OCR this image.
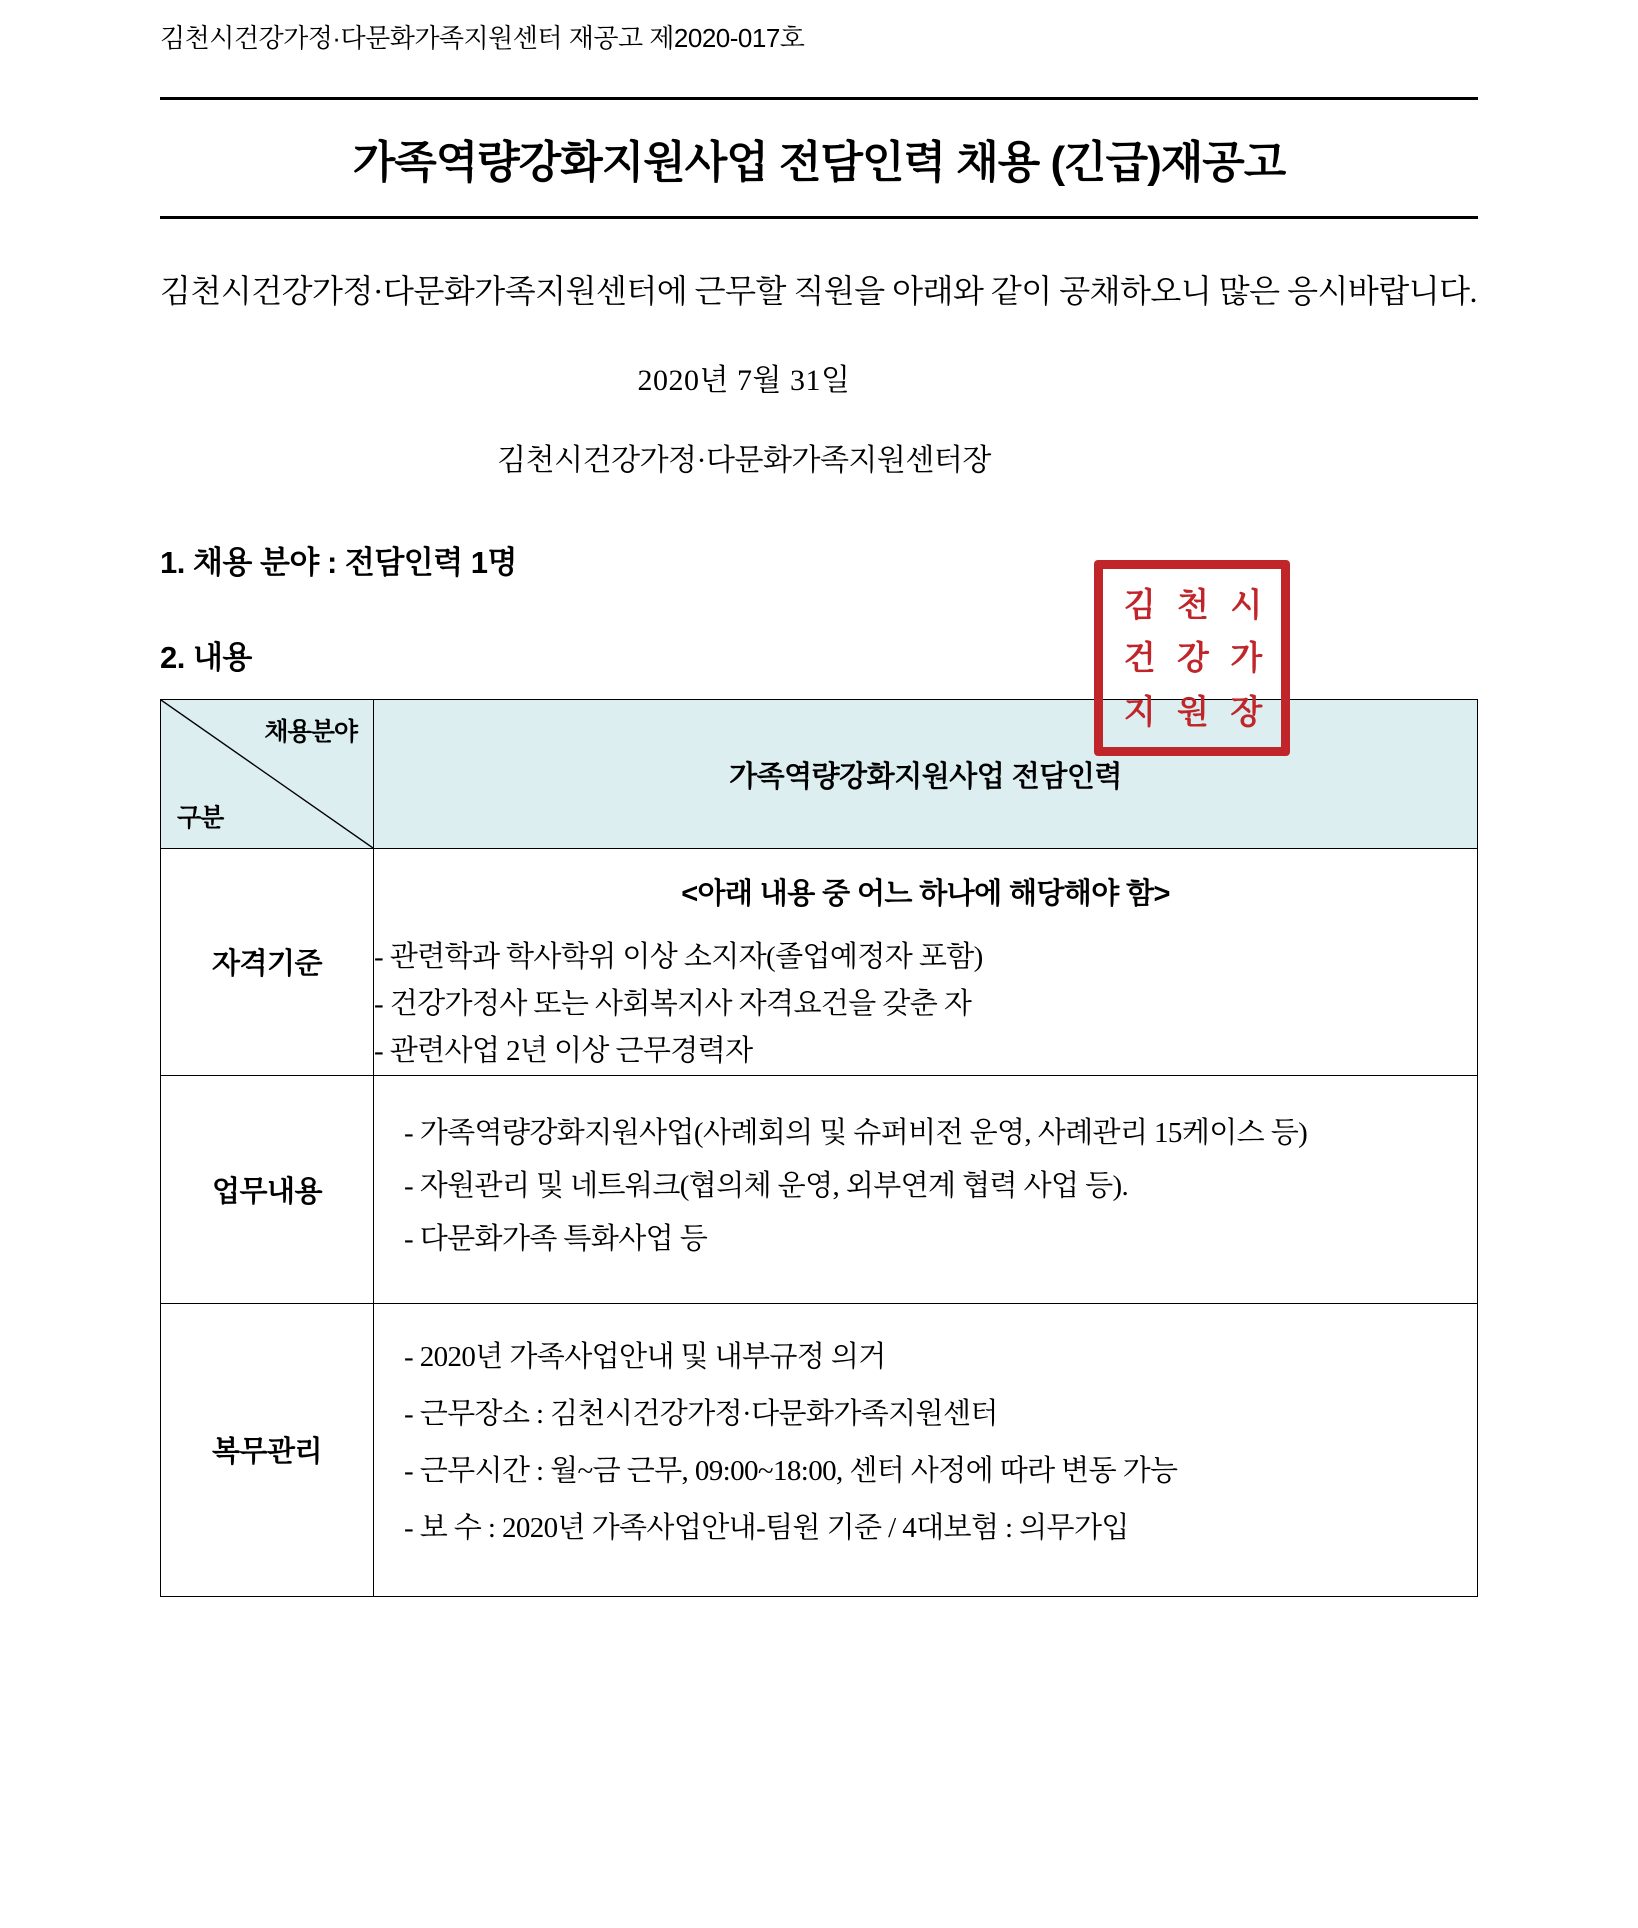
김천시건강가정·다문화가족지원센터 재공고 제2020-017호
가족역량강화지원사업 전담인력 채용 (긴급)재공고

김천시건강가정·다문화가족지원센터에 근무할 직원을 아래와 같이 공채하오니 많은 응시바랍니다.

2020년 7월 31일
김천시건강가정·다문화가족지원센터장
김 천 시
건 강 가
지 원 장
1. 채용 분야 : 전담인력 1명
2. 내용
채용분야
구분	가족역량강화지원사업 전담인력
자격기준	<아래 내용 중 어느 하나에 해당해야 함>
- 관련학과 학사학위 이상 소지자(졸업예정자 포함)
- 건강가정사 또는 사회복지사 자격요건을 갖춘 자
- 관련사업 2년 이상 근무경력자

업무내용	- 가족역량강화지원사업(사례회의 및 슈퍼비전 운영, 사례관리 15케이스 등)
- 자원관리 및 네트워크(협의체 운영, 외부연계 협력 사업 등).
- 다문화가족 특화사업 등

복무관리	- 2020년 가족사업안내 및 내부규정 의거
- 근무장소 : 김천시건강가정·다문화가족지원센터
- 근무시간 : 월~금 근무, 09:00~18:00, 센터 사정에 따라 변동 가능
- 보 수 : 2020년 가족사업안내-팀원 기준 / 4대보험 : 의무가입
